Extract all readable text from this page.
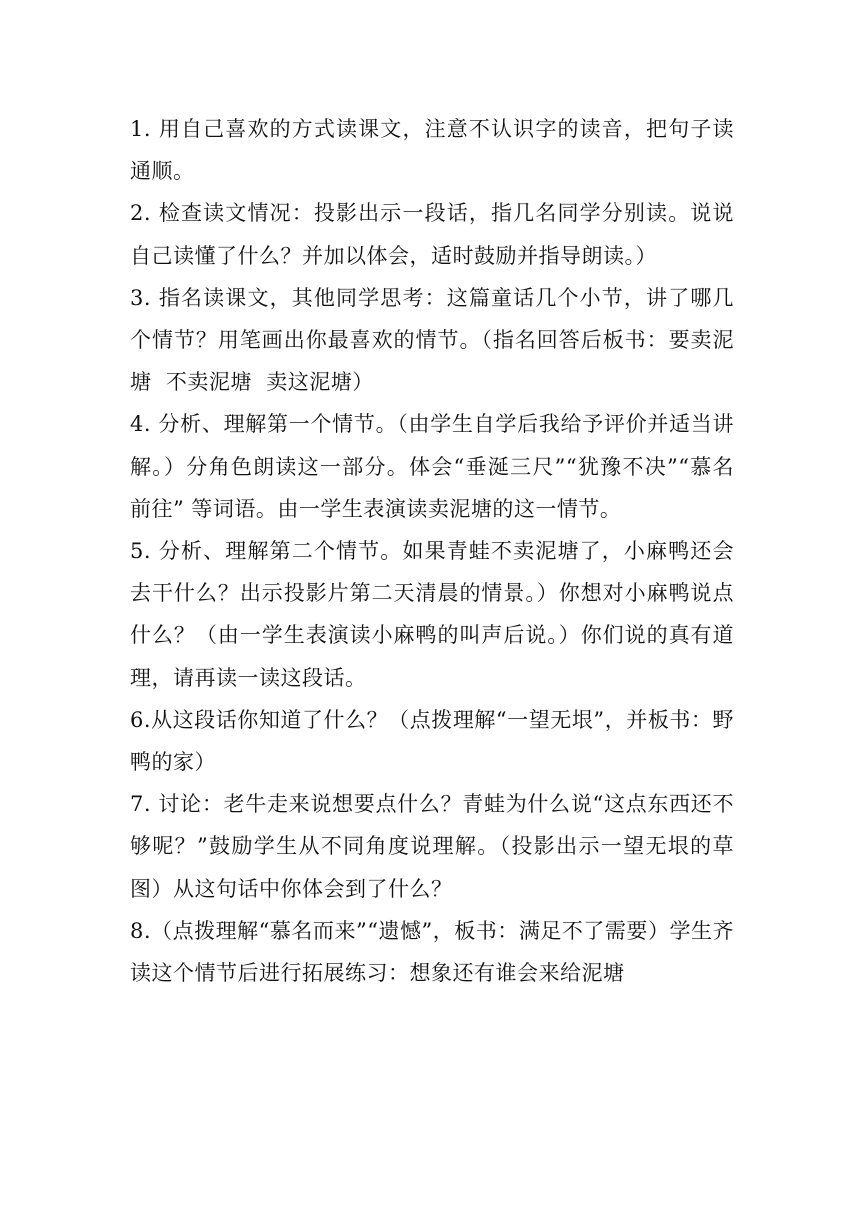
1. 用自己喜欢的方式读课文，注意不认识字的读音，把句子读通顺。

2. 检查读文情况：投影出示一段话，指几名同学分别读。说说自己读懂了什么？并加以体会，适时鼓励并指导朗读。）

3. 指名读课文，其他同学思考：这篇童话几个小节，讲了哪几个情节？用笔画出你最喜欢的情节。（指名回答后板书：要卖泥塘  不卖泥塘  卖这泥塘）

4. 分析、理解第一个情节。（由学生自学后我给予评价并适当讲解。）分角色朗读这一部分。体会“垂涎三尺”“犹豫不决”“慕名前往” 等词语。由一学生表演读卖泥塘的这一情节。

5. 分析、理解第二个情节。如果青蛙不卖泥塘了，小麻鸭还会去干什么？出示投影片第二天清晨的情景。）你想对小麻鸭说点什么？（由一学生表演读小麻鸭的叫声后说。）你们说的真有道理，请再读一读这段话。

6.从这段话你知道了什么？（点拨理解“一望无垠”，并板书：野鸭的家）

7. 讨论：老牛走来说想要点什么？青蛙为什么说“这点东西还不够呢？”鼓励学生从不同角度说理解。（投影出示一望无垠的草图）从这句话中你体会到了什么？

8.（点拨理解“慕名而来”“遗憾”，板书：满足不了需要）学生齐读这个情节后进行拓展练习：想象还有谁会来给泥塘
